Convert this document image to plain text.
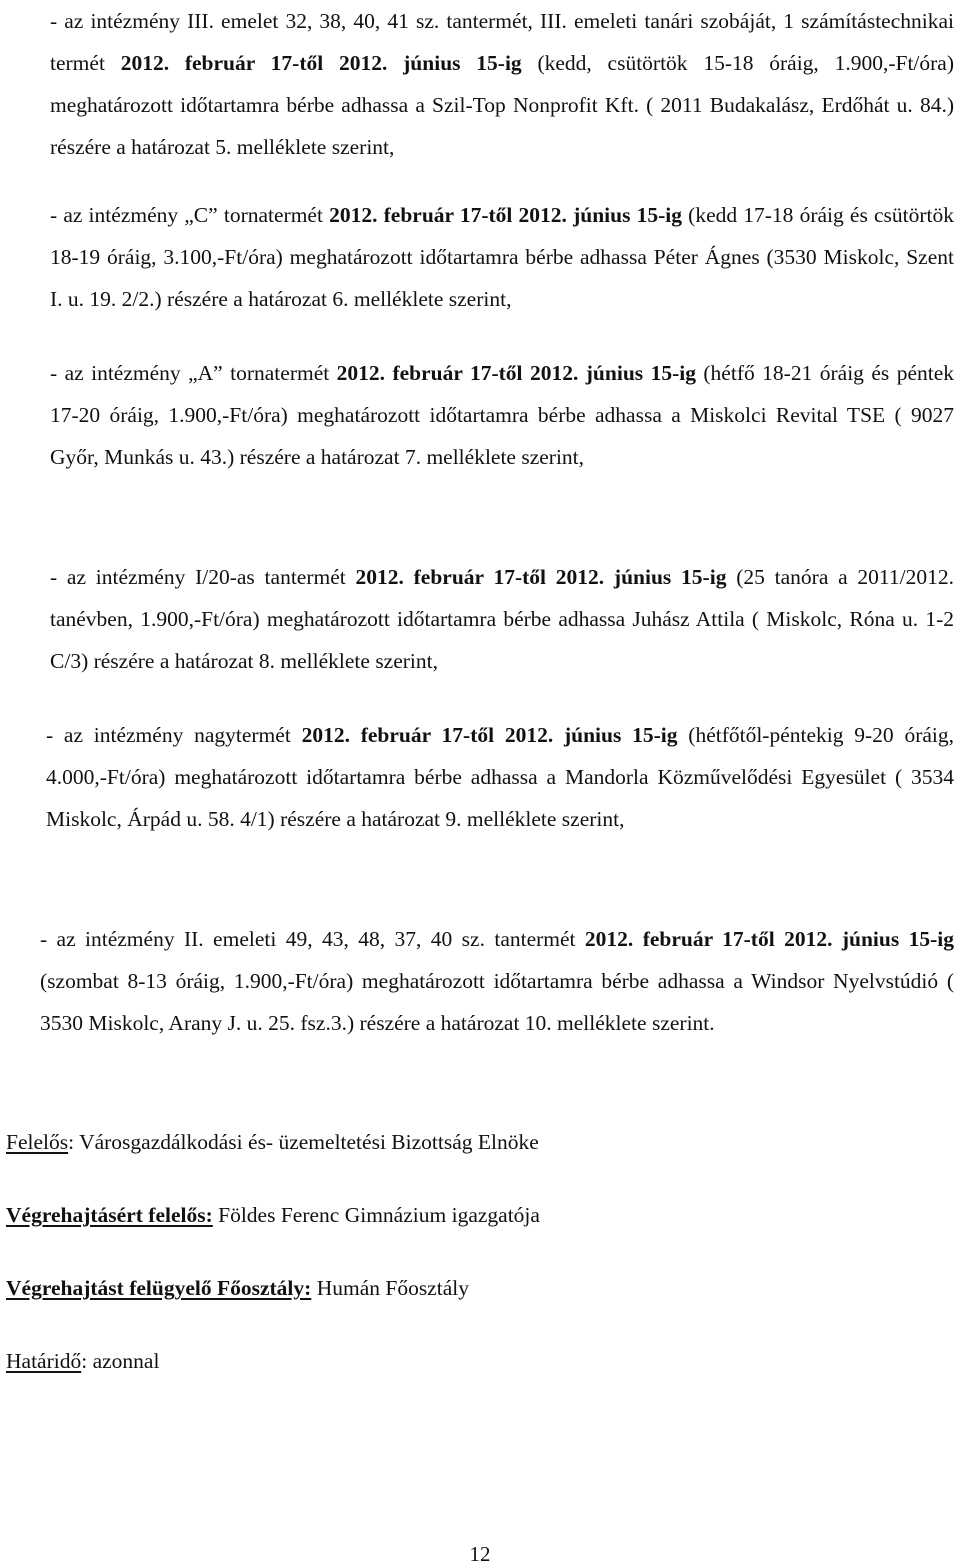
- az intézmény III. emelet 32, 38, 40, 41 sz. tantermét, III. emeleti tanári szobáját, 1 számítástechnikai termét 2012. február 17-től 2012. június 15-ig (kedd, csütörtök 15-18 óráig, 1.900,-Ft/óra) meghatározott időtartamra bérbe adhassa a Szil-Top Nonprofit Kft. ( 2011 Budakalász, Erdőhát u. 84.) részére a határozat 5. melléklete szerint,
- az intézmény „C” tornatermét 2012. február 17-től 2012. június 15-ig (kedd 17-18 óráig és csütörtök 18-19 óráig, 3.100,-Ft/óra) meghatározott időtartamra bérbe adhassa Péter Ágnes (3530 Miskolc, Szent I. u. 19. 2/2.) részére a határozat 6. melléklete szerint,
- az intézmény „A” tornatermét 2012. február 17-től 2012. június 15-ig (hétfő 18-21 óráig és péntek 17-20 óráig, 1.900,-Ft/óra) meghatározott időtartamra bérbe adhassa a Miskolci Revital TSE ( 9027 Győr, Munkás u. 43.) részére a határozat 7. melléklete szerint,
- az intézmény I/20-as tantermét 2012. február 17-től 2012. június 15-ig (25 tanóra a 2011/2012. tanévben, 1.900,-Ft/óra) meghatározott időtartamra bérbe adhassa Juhász Attila ( Miskolc, Róna u. 1-2 C/3) részére a határozat 8. melléklete szerint,
- az intézmény nagytermét 2012. február 17-től 2012. június 15-ig (hétfőtől-péntekig 9-20 óráig, 4.000,-Ft/óra) meghatározott időtartamra bérbe adhassa a Mandorla Közművelődési Egyesület ( 3534 Miskolc, Árpád u. 58. 4/1) részére a határozat 9. melléklete szerint,
- az intézmény II. emeleti 49, 43, 48, 37, 40 sz. tantermét 2012. február 17-től 2012. június 15-ig (szombat 8-13 óráig, 1.900,-Ft/óra) meghatározott időtartamra bérbe adhassa a Windsor Nyelvstúdió ( 3530 Miskolc, Arany J. u. 25. fsz.3.) részére a határozat 10. melléklete szerint.
Felelős: Városgazdálkodási és- üzemeltetési Bizottság Elnöke
Végrehajtásért felelős: Földes Ferenc Gimnázium igazgatója
Végrehajtást felügyelő Főosztály: Humán Főosztály
Határidő: azonnal
12
